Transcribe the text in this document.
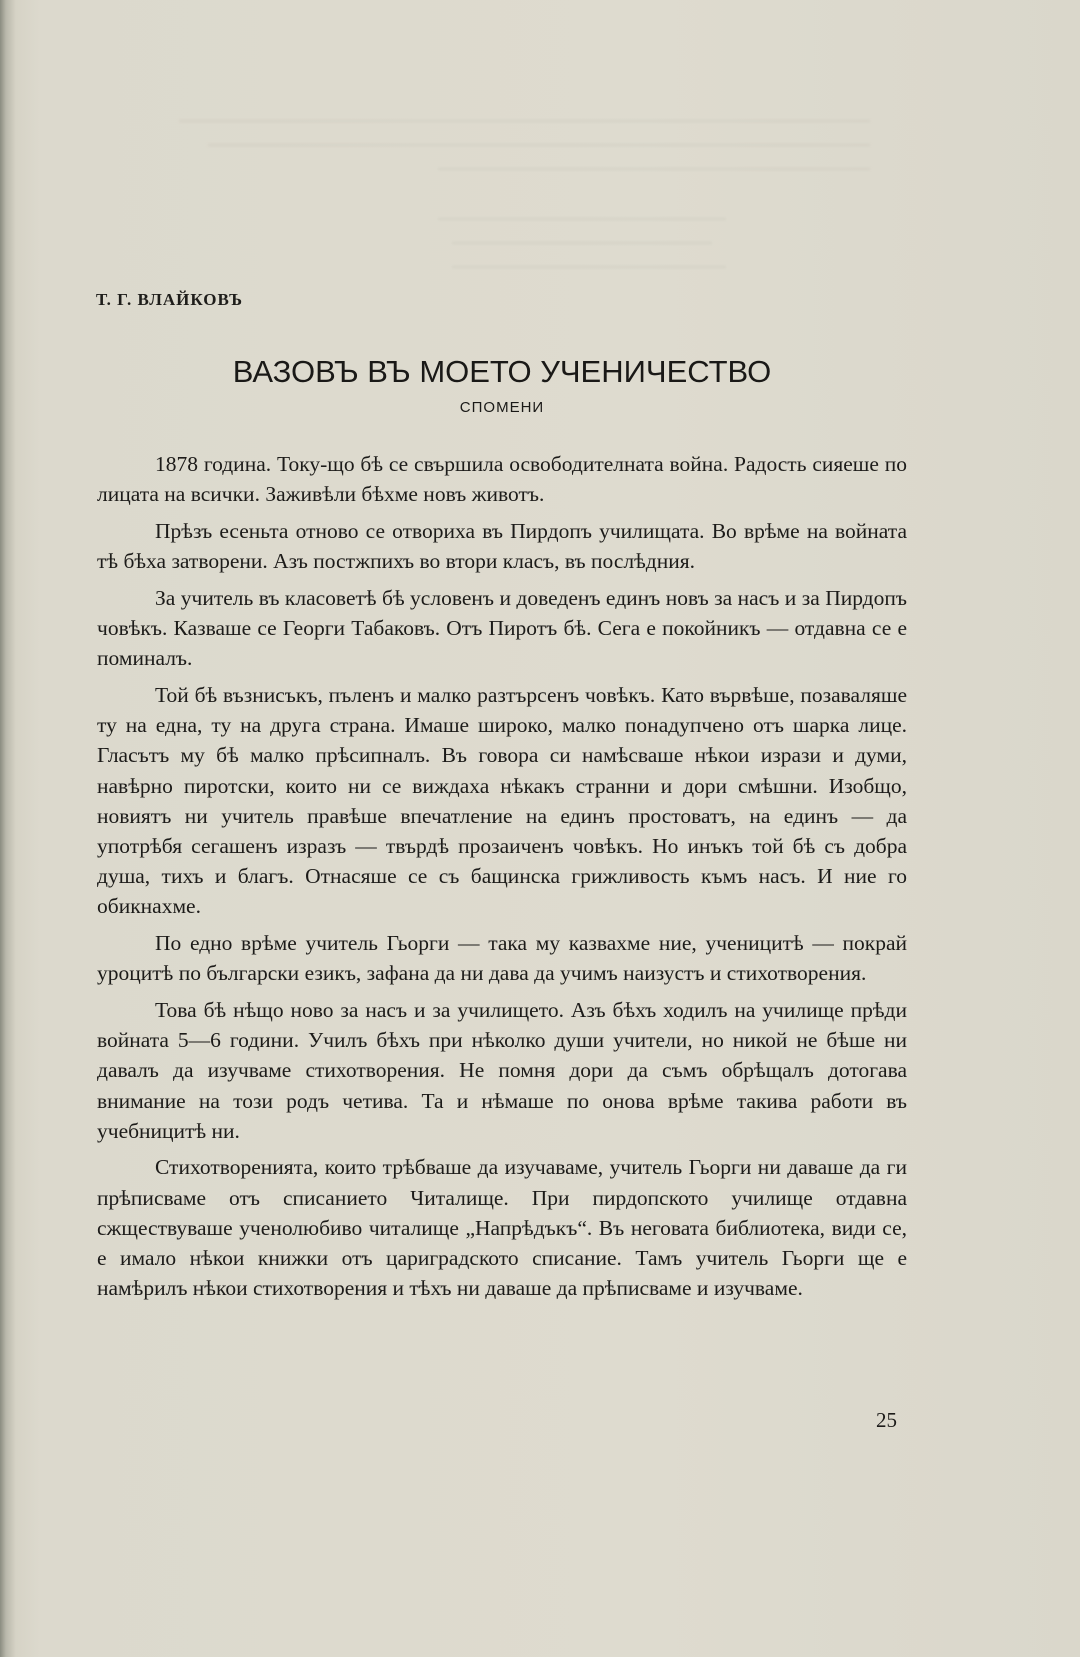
Т. Г. ВЛАЙКОВЪ
ВАЗОВЪ ВЪ МОЕТО УЧЕНИЧЕСТВО
СПОМЕНИ

1878 година. Току-що бѣ се свършила освободителната война. Радость сияеше по лицата на всички. Заживѣли бѣхме новъ животъ.

Прѣзъ есеньта отново се отвориха въ Пирдопъ училищата. Во врѣме на войната тѣ бѣха затворени. Азъ постжпихъ во втори класъ, въ послѣдния.

За учитель въ класоветѣ бѣ условенъ и доведенъ единъ новъ за насъ и за Пирдопъ човѣкъ. Казваше се Георги Табаковъ. Отъ Пиротъ бѣ. Сега е покойникъ — отдавна се е поминалъ.

Той бѣ възнисъкъ, пъленъ и малко разтърсенъ човѣкъ. Като вървѣше, позаваляше ту на една, ту на друга страна. Имаше широко, малко понадупчено отъ шарка лице. Гласътъ му бѣ малко прѣсипналъ. Въ говора си намѣсваше нѣкои изрази и думи, навѣрно пиротски, които ни се виждаха нѣкакъ странни и дори смѣшни. Изобщо, новиятъ ни учитель правѣше впечатление на единъ простоватъ, на единъ — да употрѣбя сегашенъ изразъ — твърдѣ прозаиченъ човѣкъ. Но инъкъ той бѣ съ добра душа, тихъ и благъ. Отнасяше се съ бащинска грижливость къмъ насъ. И ние го обикнахме.

По едно врѣме учитель Гьорги — така му казвахме ние, ученицитѣ — покрай уроцитѣ по български езикъ, зафана да ни дава да учимъ наизустъ и стихотворения.

Това бѣ нѣщо ново за насъ и за училището. Азъ бѣхъ ходилъ на училище прѣди войната 5—6 години. Училъ бѣхъ при нѣколко души учители, но никой не бѣше ни давалъ да изучваме стихотворения. Не помня дори да съмъ обрѣщалъ дотогава внимание на този родъ четива. Та и нѣмаше по онова врѣме такива работи въ учебницитѣ ни.

Стихотворенията, които трѣбваше да изучаваме, учитель Гьорги ни даваше да ги прѣписваме отъ списанието Читалище. При пирдопското училище отдавна сжществуваше ученолюбиво читалище „Напрѣдъкъ“. Въ неговата библиотека, види се, е имало нѣкои книжки отъ цариградското списание. Тамъ учитель Гьорги ще е намѣрилъ нѣкои стихотворения и тѣхъ ни даваше да прѣписваме и изучваме.

25
